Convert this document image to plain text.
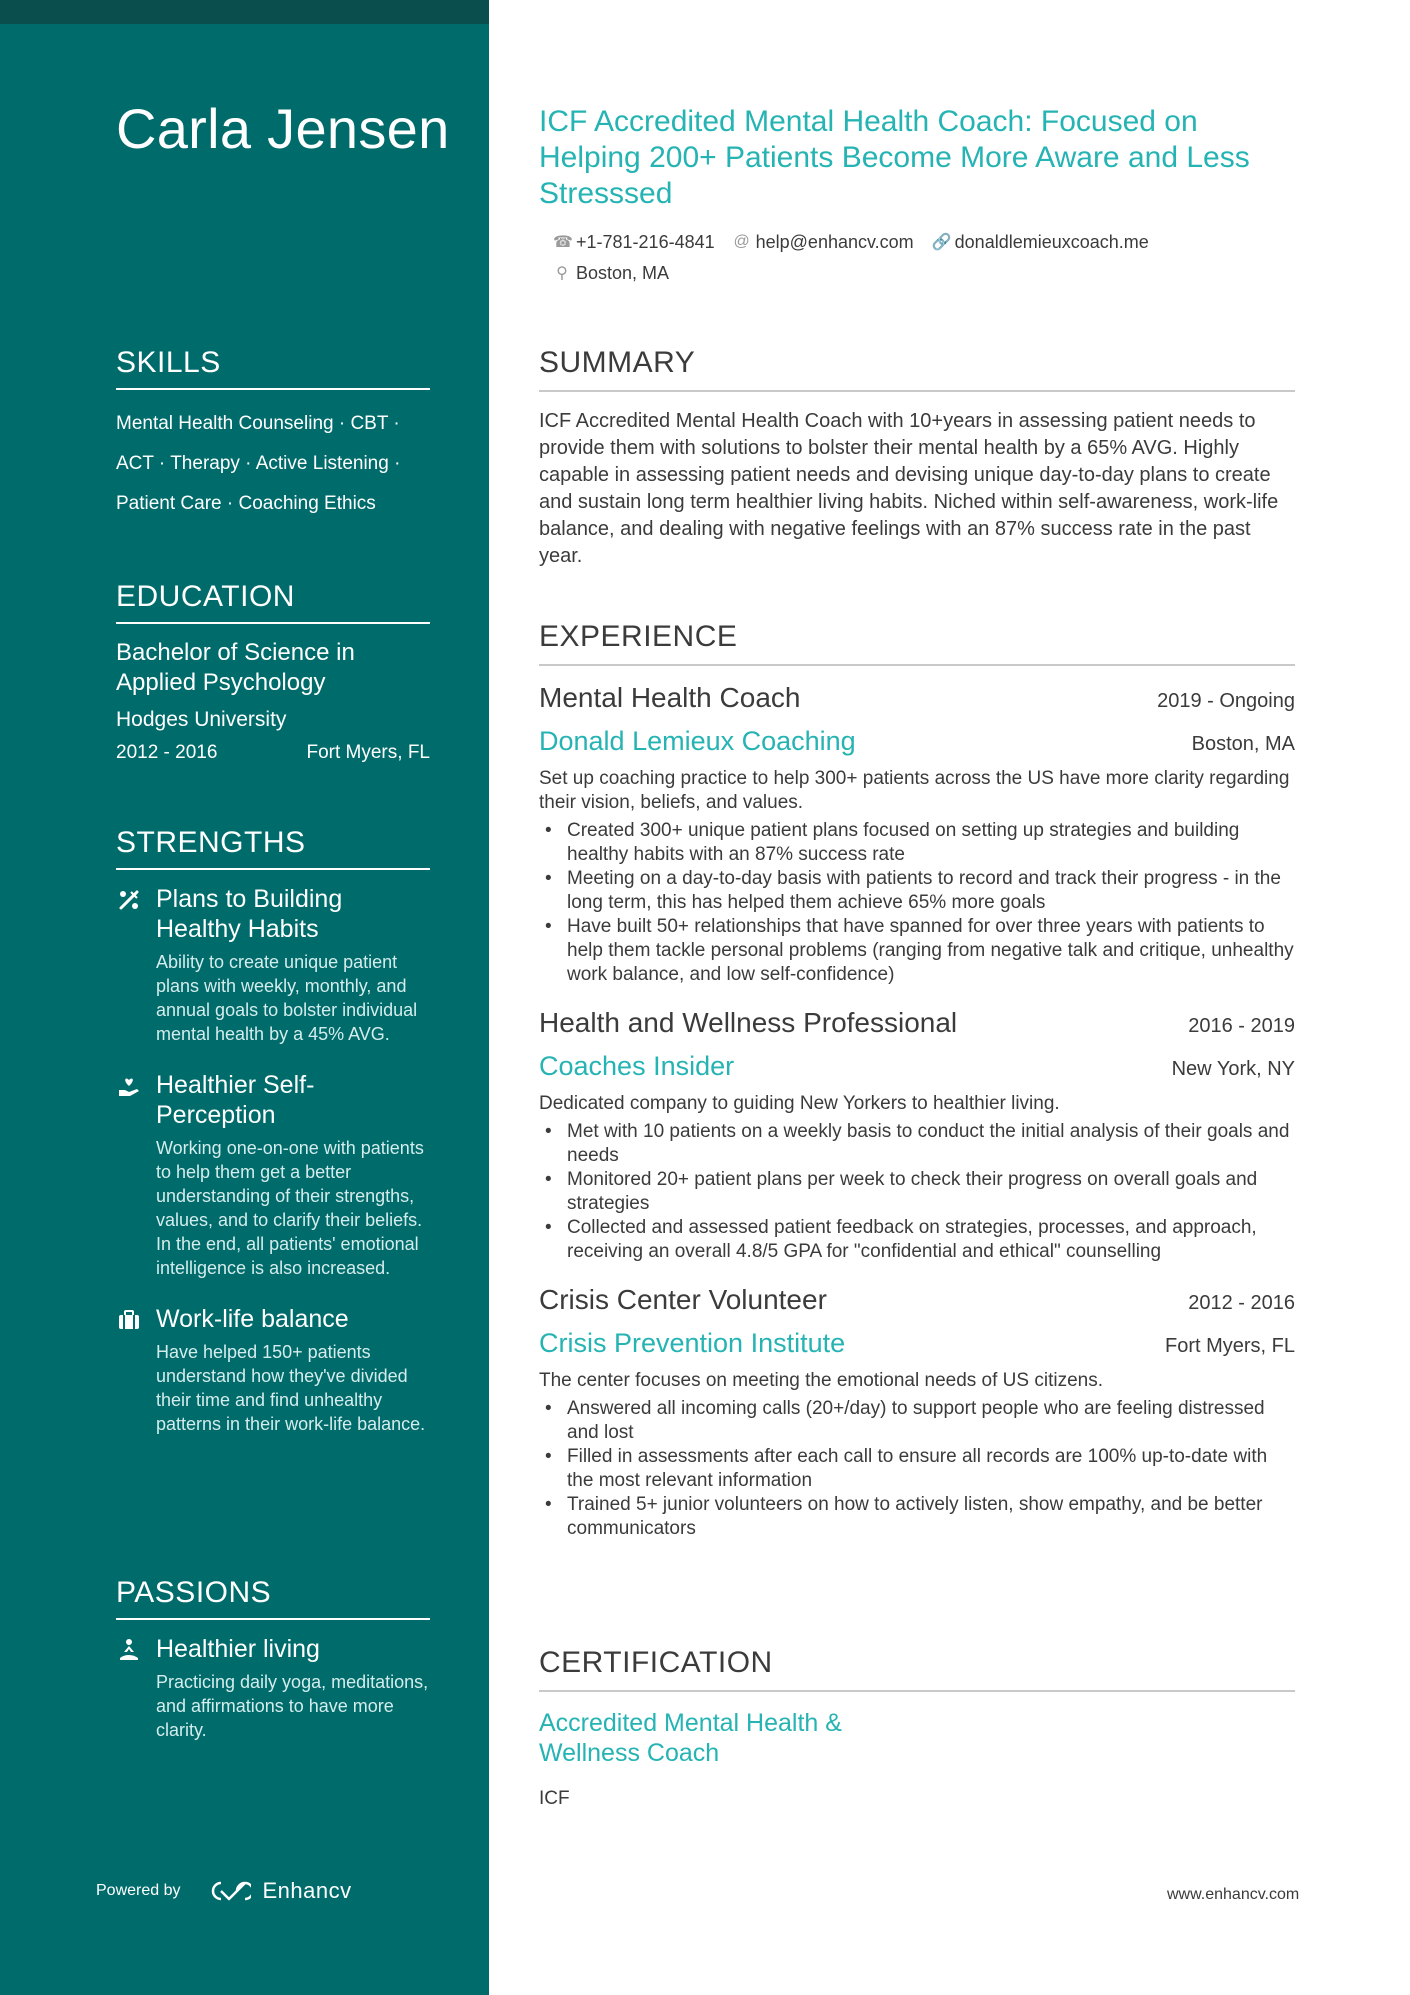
Carla Jensen
SKILLS
Mental Health Counseling · CBT ·
ACT · Therapy · Active Listening ·
Patient Care · Coaching Ethics
EDUCATION
Bachelor of Science in Applied Psychology
Hodges University
2012 - 2016	Fort Myers, FL
STRENGTHS
Plans to Building Healthy Habits
Ability to create unique patient plans with weekly, monthly, and annual goals to bolster individual mental health by a 45% AVG.
Healthier Self-Perception
Working one-on-one with patients to help them get a better understanding of their strengths, values, and to clarify their beliefs. In the end, all patients' emotional intelligence is also increased.
Work-life balance
Have helped 150+ patients understand how they've divided their time and find unhealthy patterns in their work-life balance.
PASSIONS
Healthier living
Practicing daily yoga, meditations, and affirmations to have more clarity.
Powered by	Enhancv
ICF Accredited Mental Health Coach: Focused on Helping 200+ Patients Become More Aware and Less Stresssed
☎ +1-781-216-4841 @ help@enhancv.com 🔗 donaldlemieuxcoach.me
⚲ Boston, MA
SUMMARY
ICF Accredited Mental Health Coach with 10+years in assessing patient needs to provide them with solutions to bolster their mental health by a 65% AVG. Highly capable in assessing patient needs and devising unique day-to-day plans to create and sustain long term healthier living habits. Niched within self-awareness, work-life balance, and dealing with negative feelings with an 87% success rate in the past year.
EXPERIENCE
Mental Health Coach	2019 - Ongoing
Donald Lemieux Coaching	Boston, MA
Set up coaching practice to help 300+ patients across the US have more clarity regarding their vision, beliefs, and values.
• Created 300+ unique patient plans focused on setting up strategies and building healthy habits with an 87% success rate
• Meeting on a day-to-day basis with patients to record and track their progress - in the long term, this has helped them achieve 65% more goals
• Have built 50+ relationships that have spanned for over three years with patients to help them tackle personal problems (ranging from negative talk and critique, unhealthy work balance, and low self-confidence)
Health and Wellness Professional	2016 - 2019
Coaches Insider	New York, NY
Dedicated company to guiding New Yorkers to healthier living.
• Met with 10 patients on a weekly basis to conduct the initial analysis of their goals and needs
• Monitored 20+ patient plans per week to check their progress on overall goals and strategies
• Collected and assessed patient feedback on strategies, processes, and approach, receiving an overall 4.8/5 GPA for "confidential and ethical" counselling
Crisis Center Volunteer	2012 - 2016
Crisis Prevention Institute	Fort Myers, FL
The center focuses on meeting the emotional needs of US citizens.
• Answered all incoming calls (20+/day) to support people who are feeling distressed and lost
• Filled in assessments after each call to ensure all records are 100% up-to-date with the most relevant information
• Trained 5+ junior volunteers on how to actively listen, show empathy, and be better communicators
CERTIFICATION
Accredited Mental Health & Wellness Coach
ICF
www.enhancv.com
